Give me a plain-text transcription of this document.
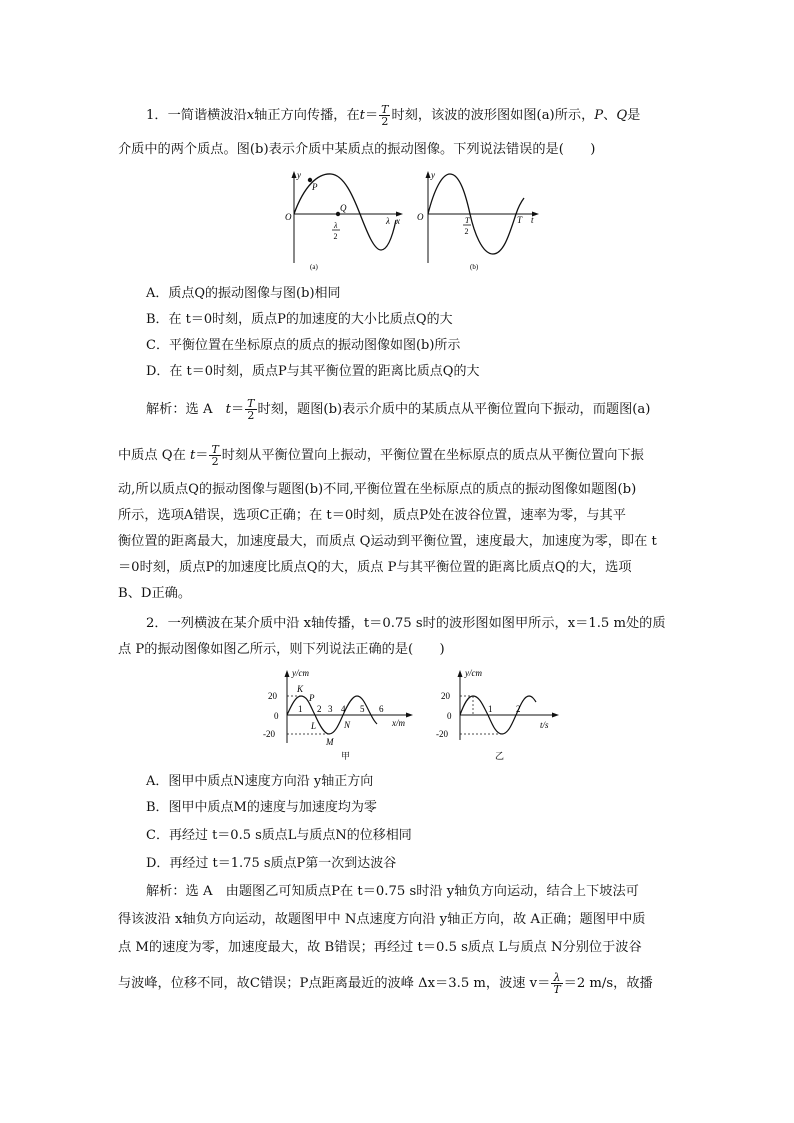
1．一简谐横波沿x轴正方向传播，在$t= \frac{T}{2}$ 时刻，该波的波形图如图(a)所示，P、Q是
介质中的两个质点。图(b)表示介质中某质点的振动图像。下列说法错误的是(　　)
y
O
P
Q
λ x
λ
2
(a)
y
O	T t
T
2
(b)
A．质点Q的振动图像与图(b)相同
B．在 t＝0时刻，质点P的加速度的大小比质点Q的大
C．平衡位置在坐标原点的质点的振动图像如图(b)所示
D．在 t＝0时刻，质点P与其平衡位置的距离比质点Q的大
解析：选 A　$t= \frac{T}{2}$ 时刻，题图(b)表示介质中的某质点从平衡位置向下振动，而题图(a)
中质点 Q在 $t= \frac{T}{2}$ 时刻从平衡位置向上振动，平衡位置在坐标原点的质点从平衡位置向下振
动,所以质点Q的振动图像与题图(b)不同,平衡位置在坐标原点的质点的振动图像如题图(b)
所示，选项A错误，选项C正确；在 t＝0时刻，质点P处在波谷位置，速率为零，与其平
衡位置的距离最大，加速度最大，而质点 Q运动到平衡位置，速度最大，加速度为零，即在 t
＝0时刻，质点P的加速度比质点Q的大，质点 P与其平衡位置的距离比质点Q的大，选项
B、D正确。
2．一列横波在某介质中沿 x轴传播，t＝0.75 s时的波形图如图甲所示，x＝1.5 m处的质
点 P的振动图像如图乙所示，则下列说法正确的是(　　)
y/cm
20
0
-20
K
P
L
M
N
1 2 3 4 5 6
x/m
甲
y/cm
20
0
-20
1	2
t/s
乙
A．图甲中质点N速度方向沿 y轴正方向
B．图甲中质点M的速度与加速度均为零
C．再经过 t＝0.5 s质点L与质点N的位移相同
D．再经过 t＝1.75 s质点P第一次到达波谷
解析：选 A　由题图乙可知质点P在 t＝0.75 s时沿 y轴负方向运动，结合上下坡法可
得该波沿 x轴负方向运动，故题图甲中 N点速度方向沿 y轴正方向，故 A正确；题图甲中质
点 M的速度为零，加速度最大，故 B错误；再经过 t＝0.5 s质点 L与质点 N分别位于波谷
与波峰，位移不同，故C错误；P点距离最近的波峰 Δx＝3.5 m，波速 $v= \frac{\lambda}{T} =2$ m/s，故播
